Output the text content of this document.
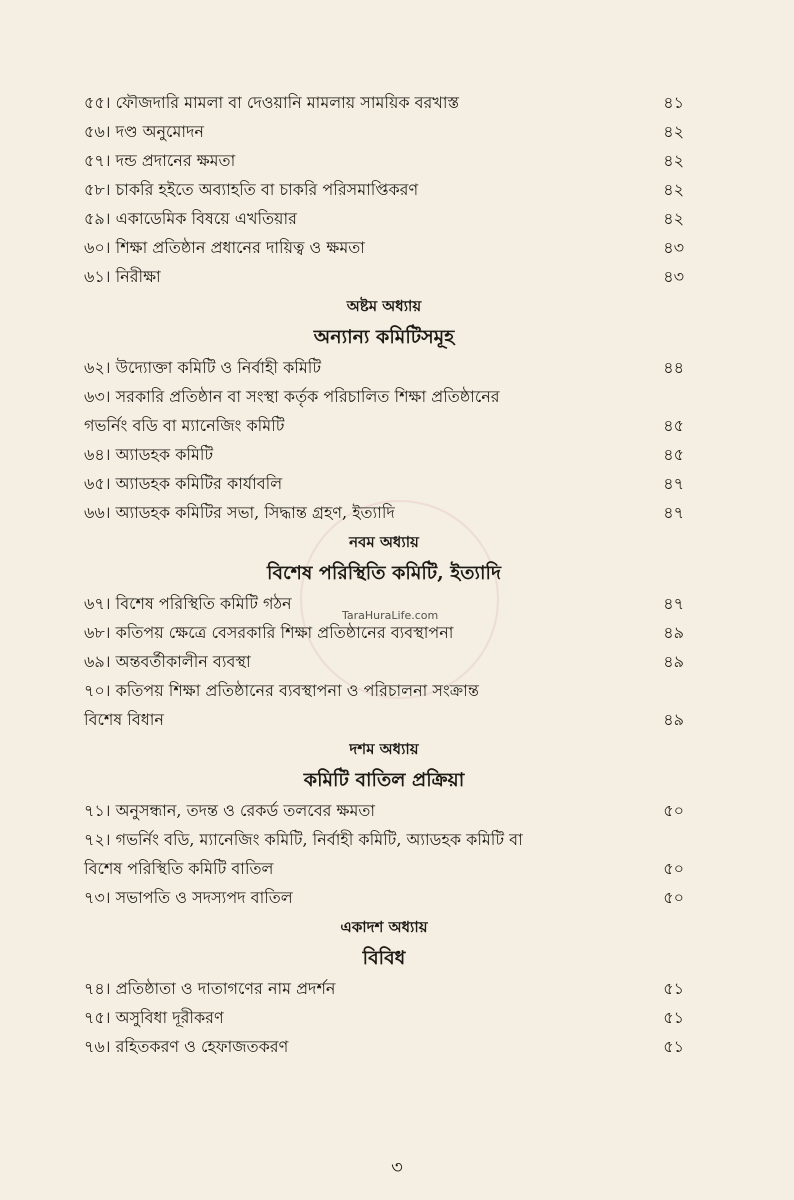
TaraHuraLife.com
৫৫। ফৌজদারি মামলা বা দেওয়ানি মামলায় সাময়িক বরখাস্ত	৪১
৫৬। দণ্ড অনুমোদন	৪২
৫৭। দন্ড প্রদানের ক্ষমতা	৪২
৫৮। চাকরি হইতে অব্যাহতি বা চাকরি পরিসমাপ্তিকরণ	৪২
৫৯। একাডেমিক বিষয়ে এখতিয়ার	৪২
৬০। শিক্ষা প্রতিষ্ঠান প্রধানের দায়িত্ব ও ক্ষমতা	৪৩
৬১। নিরীক্ষা	৪৩
অষ্টম অধ্যায়
অন্যান্য কমিটিসমূহ
৬২। উদ্যোক্তা কমিটি ও নির্বাহী কমিটি	৪৪
৬৩। সরকারি প্রতিষ্ঠান বা সংস্থা কর্তৃক পরিচালিত শিক্ষা প্রতিষ্ঠানের
গভর্নিং বডি বা ম্যানেজিং কমিটি	৪৫
৬৪। অ্যাডহক কমিটি	৪৫
৬৫। অ্যাডহক কমিটির কার্যাবলি	৪৭
৬৬। অ্যাডহক কমিটির সভা, সিদ্ধান্ত গ্রহণ, ইত্যাদি	৪৭
নবম অধ্যায়
বিশেষ পরিস্থিতি কমিটি, ইত্যাদি
৬৭। বিশেষ পরিস্থিতি কমিটি গঠন	৪৭
৬৮। কতিপয় ক্ষেত্রে বেসরকারি শিক্ষা প্রতিষ্ঠানের ব্যবস্থাপনা	৪৯
৬৯। অন্তবর্তীকালীন ব্যবস্থা	৪৯
৭০। কতিপয় শিক্ষা প্রতিষ্ঠানের ব্যবস্থাপনা ও পরিচালনা সংক্রান্ত
বিশেষ বিধান	৪৯
দশম অধ্যায়
কমিটি বাতিল প্রক্রিয়া
৭১। অনুসন্ধান, তদন্ত ও রেকর্ড তলবের ক্ষমতা	৫০
৭২। গভর্নিং বডি, ম্যানেজিং কমিটি, নির্বাহী কমিটি, অ্যাডহক কমিটি বা
বিশেষ পরিস্থিতি কমিটি বাতিল	৫০
৭৩। সভাপতি ও সদস্যপদ বাতিল	৫০
একাদশ অধ্যায়
বিবিধ
৭৪। প্রতিষ্ঠাতা ও দাতাগণের নাম প্রদর্শন	৫১
৭৫। অসুবিধা দূরীকরণ	৫১
৭৬। রহিতকরণ ও হেফাজতকরণ	৫১
৩
